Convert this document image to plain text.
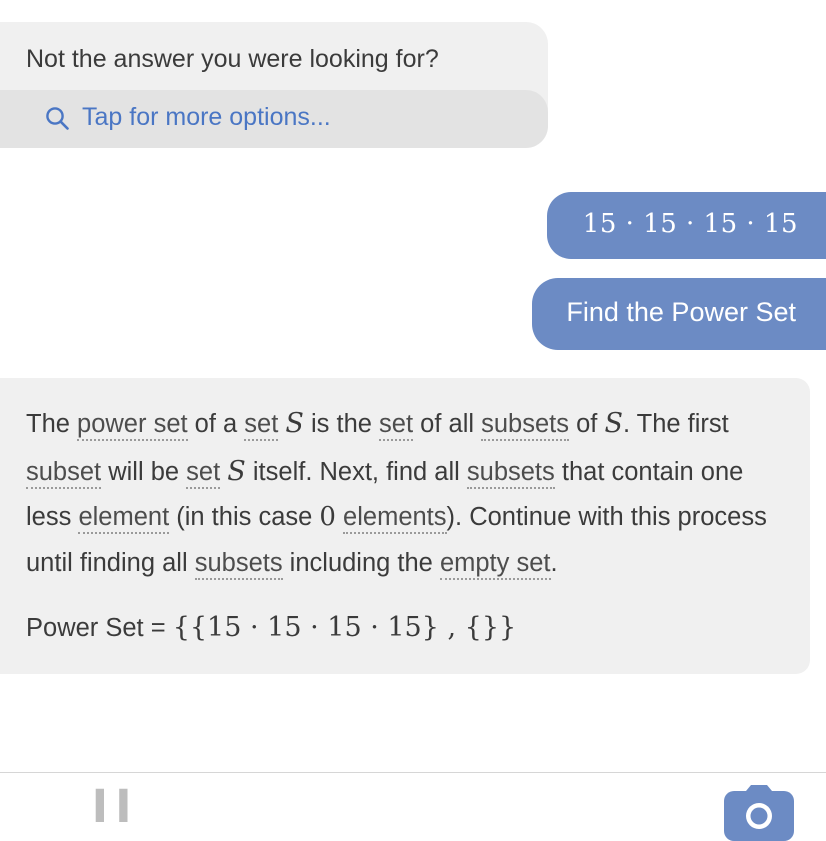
Not the answer you were looking for?
Tap for more options...
15 · 15 · 15 · 15
Find the Power Set
The power set of a set S is the set of all subsets of S. The first subset will be set S itself. Next, find all subsets that contain one less element (in this case 0 elements). Continue with this process until finding all subsets including the empty set.
Power Set = {{15 · 15 · 15 · 15} , {}}
▍▍
